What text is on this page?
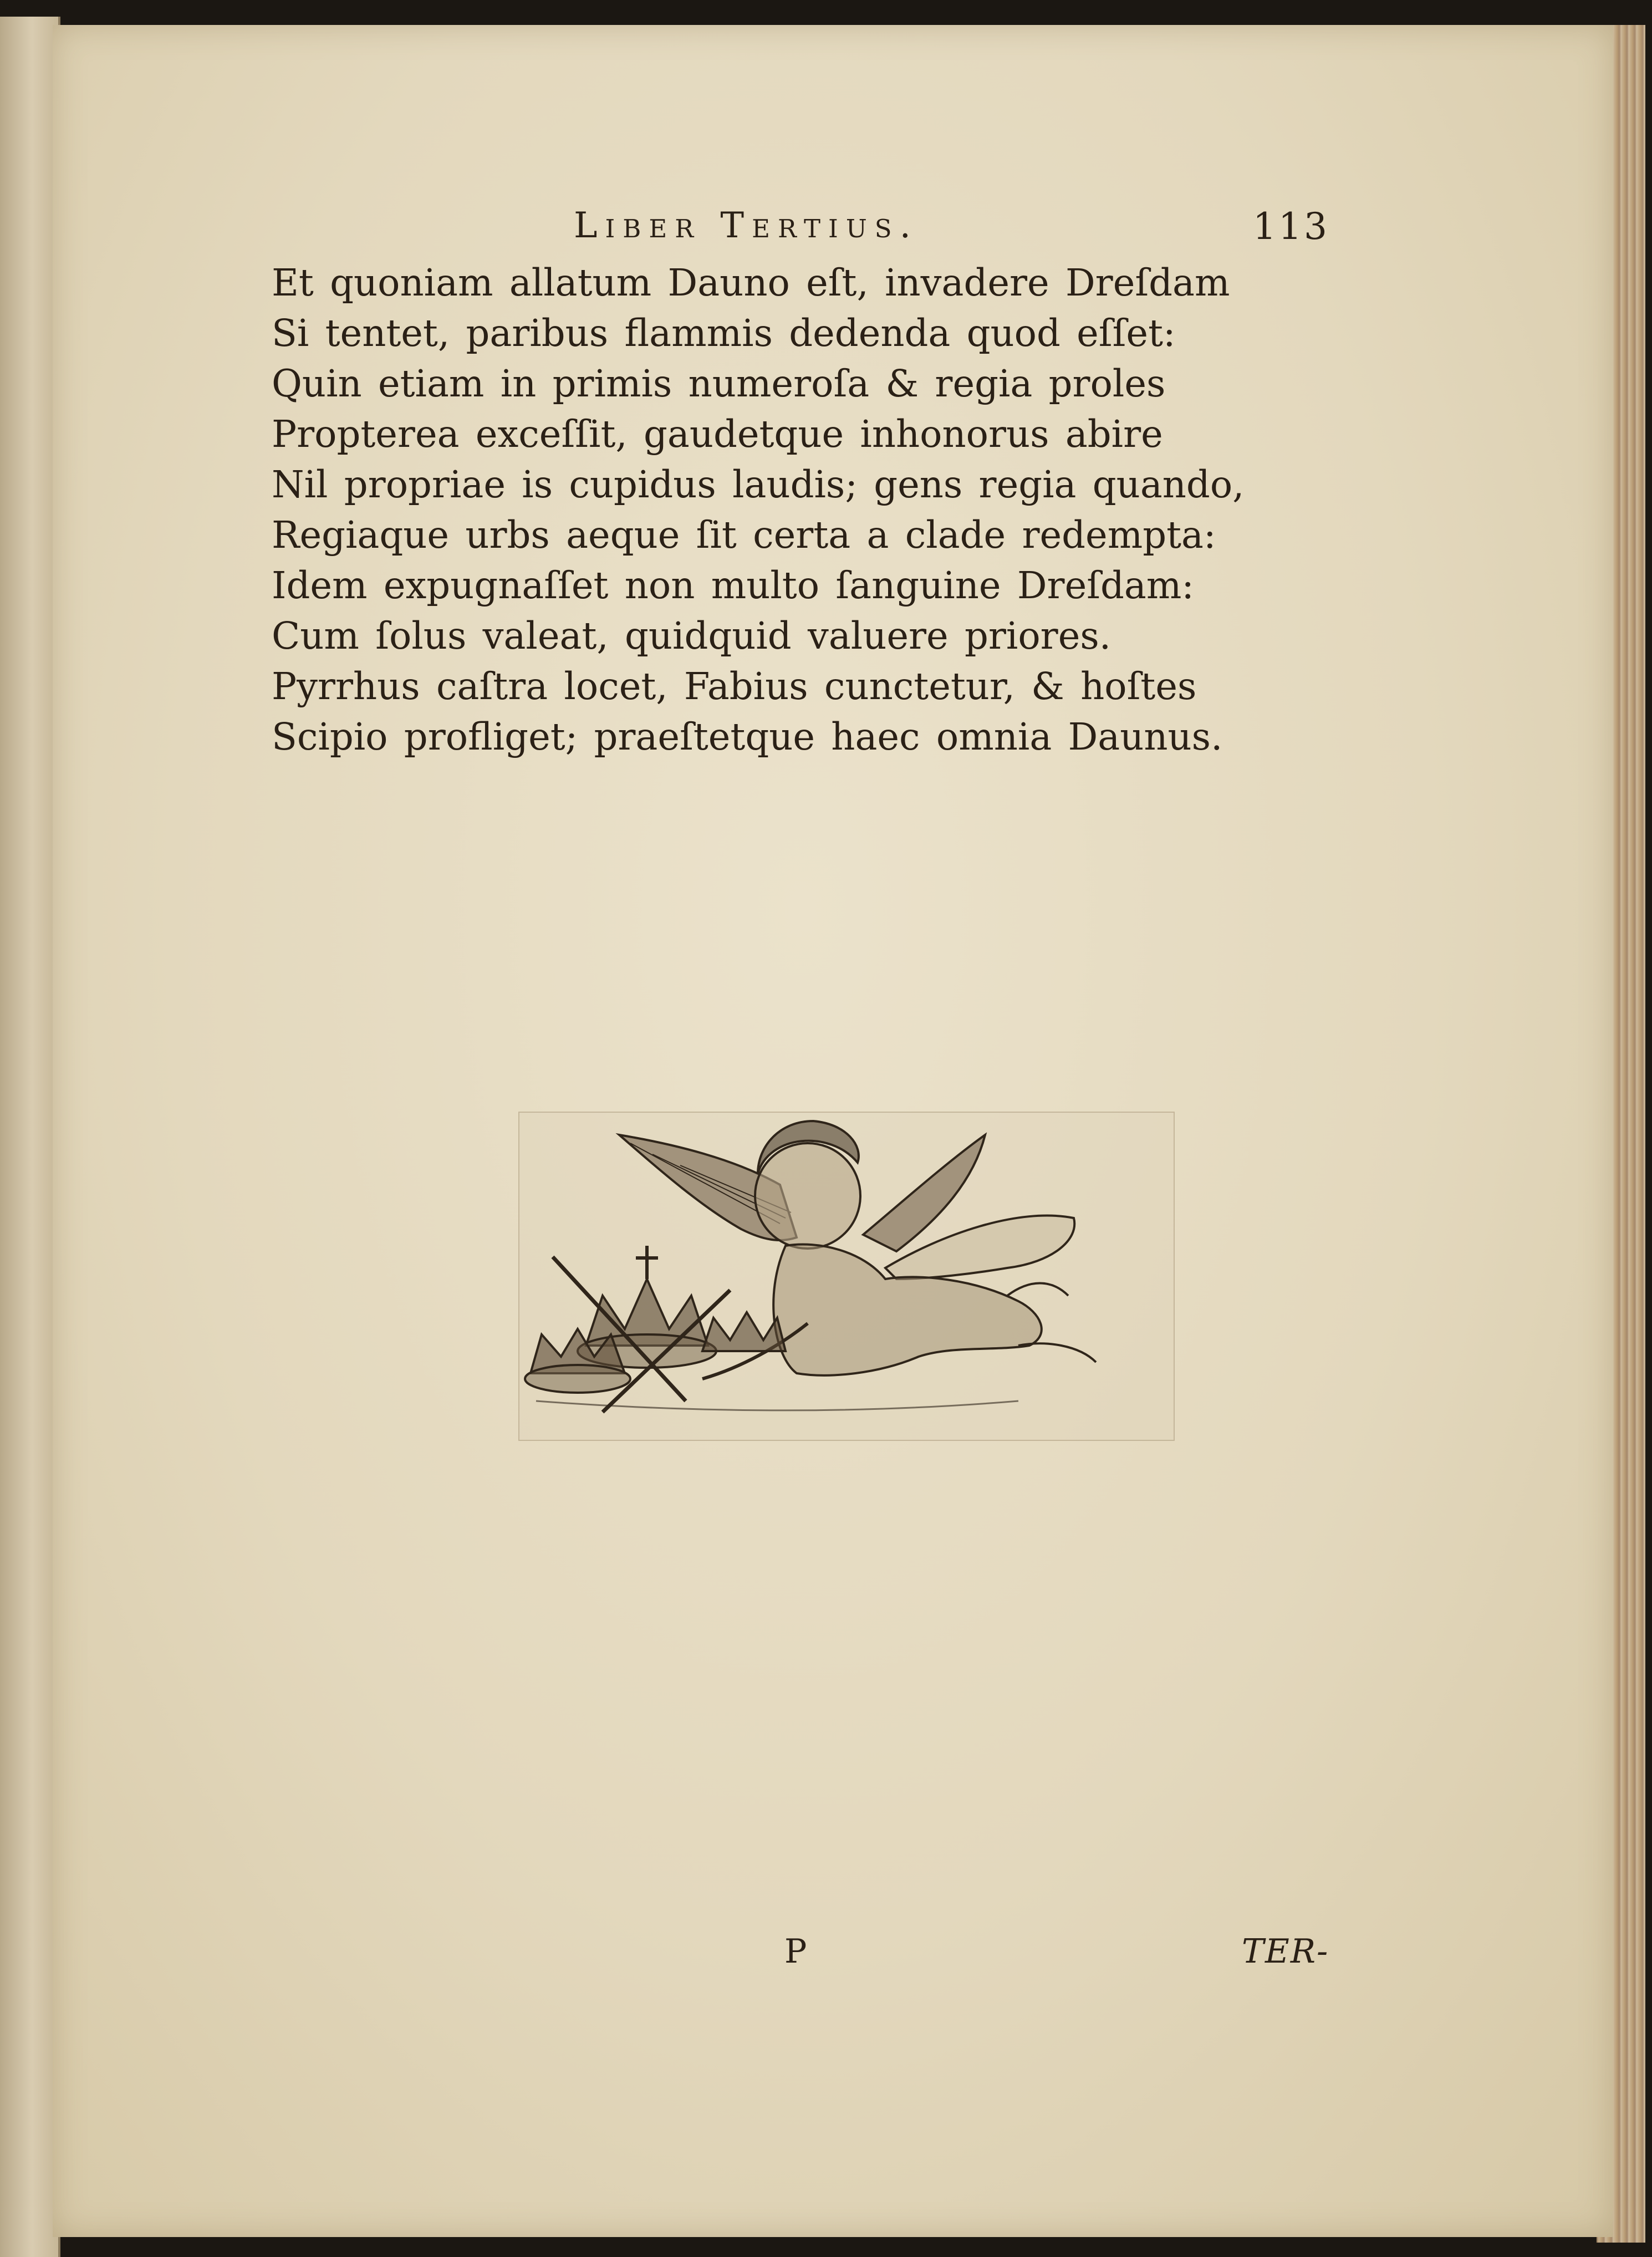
Liber Tertius.	113
Et quoniam allatum Dauno eſt, invadere Dreſdam
Si tentet, paribus flammis dedenda quod eſſet:
Quin etiam in primis numeroſa & regia proles
Propterea exceſſit, gaudetque inhonorus abire
Nil propriae is cupidus laudis; gens regia quando,
Regiaque urbs aeque ſit certa a clade redempta:
Idem expugnaſſet non multo ſanguine Dreſdam:
Cum ſolus valeat, quidquid valuere priores.
Pyrrhus caſtra locet, Fabius cunctetur, & hoſtes
Scipio profliget; praeſtetque haec omnia Daunus.
P	TER-
